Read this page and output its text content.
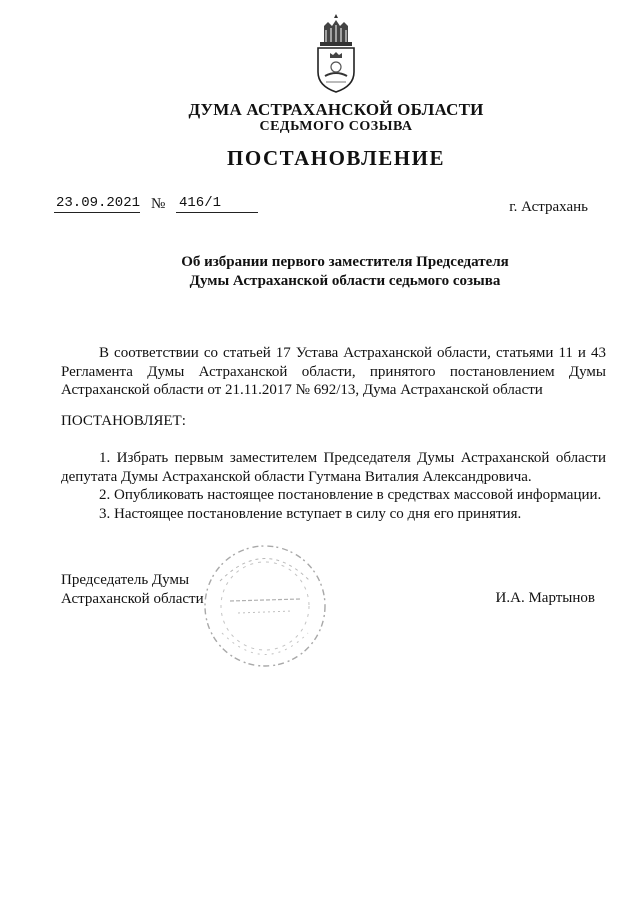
ДУМА АСТРАХАНСКОЙ ОБЛАСТИ
СЕДЬМОГО СОЗЫВА
ПОСТАНОВЛЕНИЕ
23.09.2021 № 416/1	г. Астрахань
Об избрании первого заместителя Председателя
Думы Астраханской области седьмого созыва
В соответствии со статьей 17 Устава Астраханской области, статьями 11 и 43 Регламента Думы Астраханской области, принятого постановлением Думы Астраханской области от 21.11.2017 № 692/13, Дума Астраханской области
ПОСТАНОВЛЯЕТ:
1. Избрать первым заместителем Председателя Думы Астраханской области депутата Думы Астраханской области Гутмана Виталия Александровича.
2. Опубликовать настоящее постановление в средствах массовой информации.
3. Настоящее постановление вступает в силу со дня его принятия.
Председатель Думы
Астраханской области	И.А. Мартынов
